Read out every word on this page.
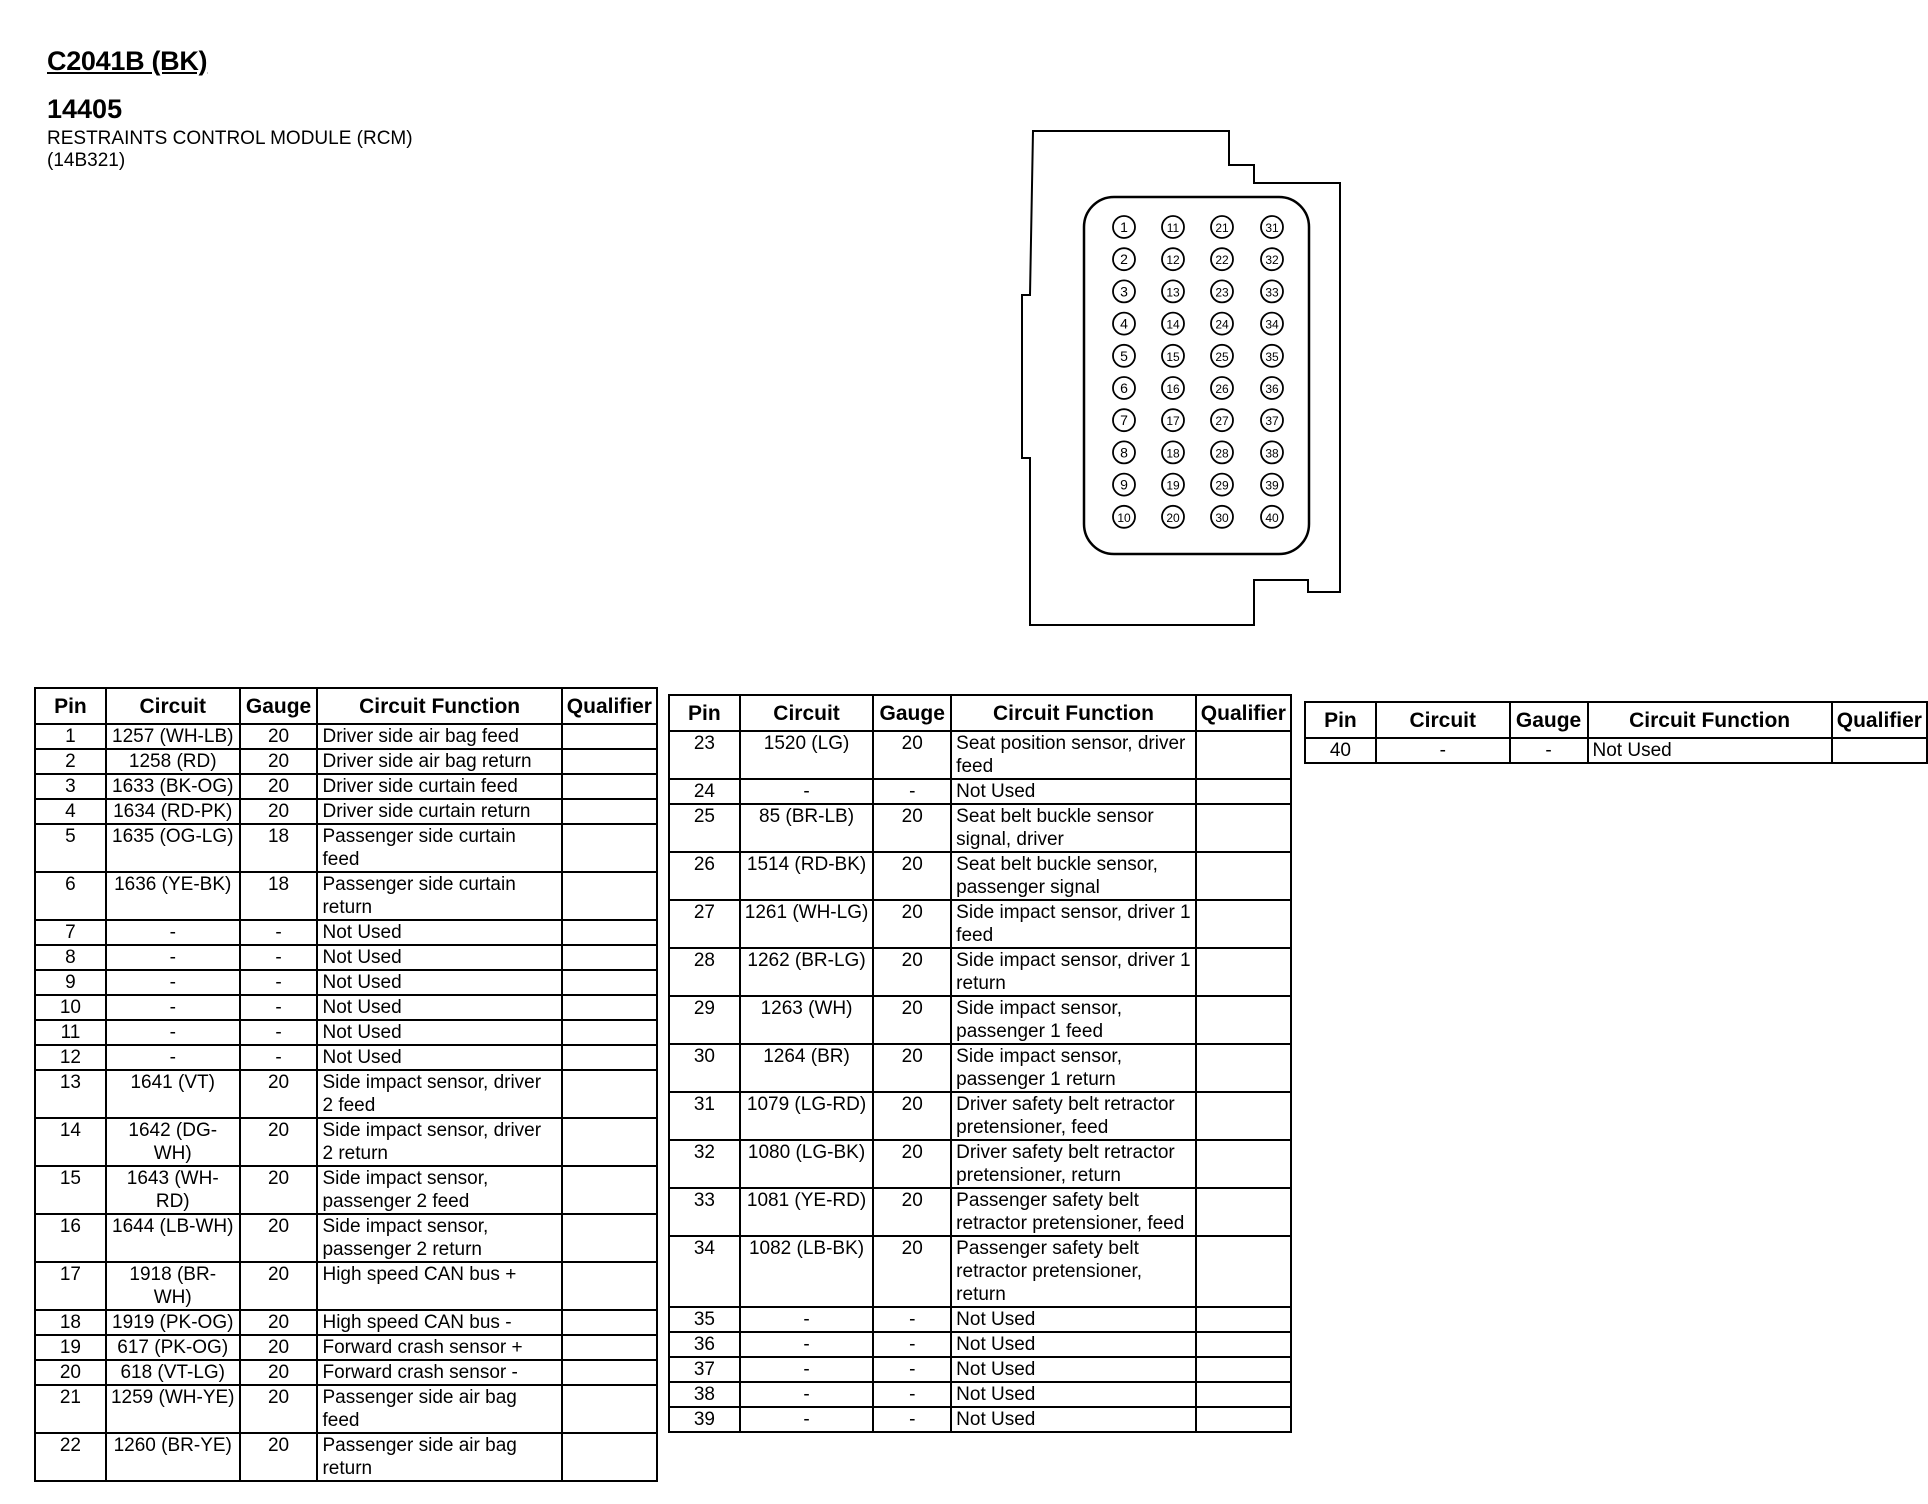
C2041B (BK)
14405
RESTRAINTS CONTROL MODULE (RCM)
(14B321)
1
2
3
4
5
6
7
8
9
10
11
12
13
14
15
16
17
18
19
20
21
22
23
24
25
26
27
28
29
30
31
32
33
34
35
36
37
38
39
40
Pin	Circuit	Gauge	Circuit Function	Qualifier
1	1257 (WH-LB)	20	Driver side air bag feed	
2	1258 (RD)	20	Driver side air bag return	
3	1633 (BK-OG)	20	Driver side curtain feed	
4	1634 (RD-PK)	20	Driver side curtain return	
5	1635 (OG-LG)	18	Passenger side curtain feed	
6	1636 (YE-BK)	18	Passenger side curtain return	
7	-	-	Not Used	
8	-	-	Not Used	
9	-	-	Not Used	
10	-	-	Not Used	
11	-	-	Not Used	
12	-	-	Not Used	
13	1641 (VT)	20	Side impact sensor, driver 2 feed	
14	1642 (DG-WH)	20	Side impact sensor, driver 2 return	
15	1643 (WH-RD)	20	Side impact sensor, passenger 2 feed	
16	1644 (LB-WH)	20	Side impact sensor, passenger 2 return	
17	1918 (BR-WH)	20	High speed CAN bus +	
18	1919 (PK-OG)	20	High speed CAN bus -	
19	617 (PK-OG)	20	Forward crash sensor +	
20	618 (VT-LG)	20	Forward crash sensor -	
21	1259 (WH-YE)	20	Passenger side air bag feed	
22	1260 (BR-YE)	20	Passenger side air bag return	
Pin	Circuit	Gauge	Circuit Function	Qualifier
23	1520 (LG)	20	Seat position sensor, driver feed	
24	-	-	Not Used	
25	85 (BR-LB)	20	Seat belt buckle sensor signal, driver	
26	1514 (RD-BK)	20	Seat belt buckle sensor, passenger signal	
27	1261 (WH-LG)	20	Side impact sensor, driver 1 feed	
28	1262 (BR-LG)	20	Side impact sensor, driver 1 return	
29	1263 (WH)	20	Side impact sensor, passenger 1 feed	
30	1264 (BR)	20	Side impact sensor, passenger 1 return	
31	1079 (LG-RD)	20	Driver safety belt retractor pretensioner, feed	
32	1080 (LG-BK)	20	Driver safety belt retractor pretensioner, return	
33	1081 (YE-RD)	20	Passenger safety belt retractor pretensioner, feed	
34	1082 (LB-BK)	20	Passenger safety belt retractor pretensioner, return	
35	-	-	Not Used	
36	-	-	Not Used	
37	-	-	Not Used	
38	-	-	Not Used	
39	-	-	Not Used	
Pin	Circuit	Gauge	Circuit Function	Qualifier
40	-	-	Not Used	
